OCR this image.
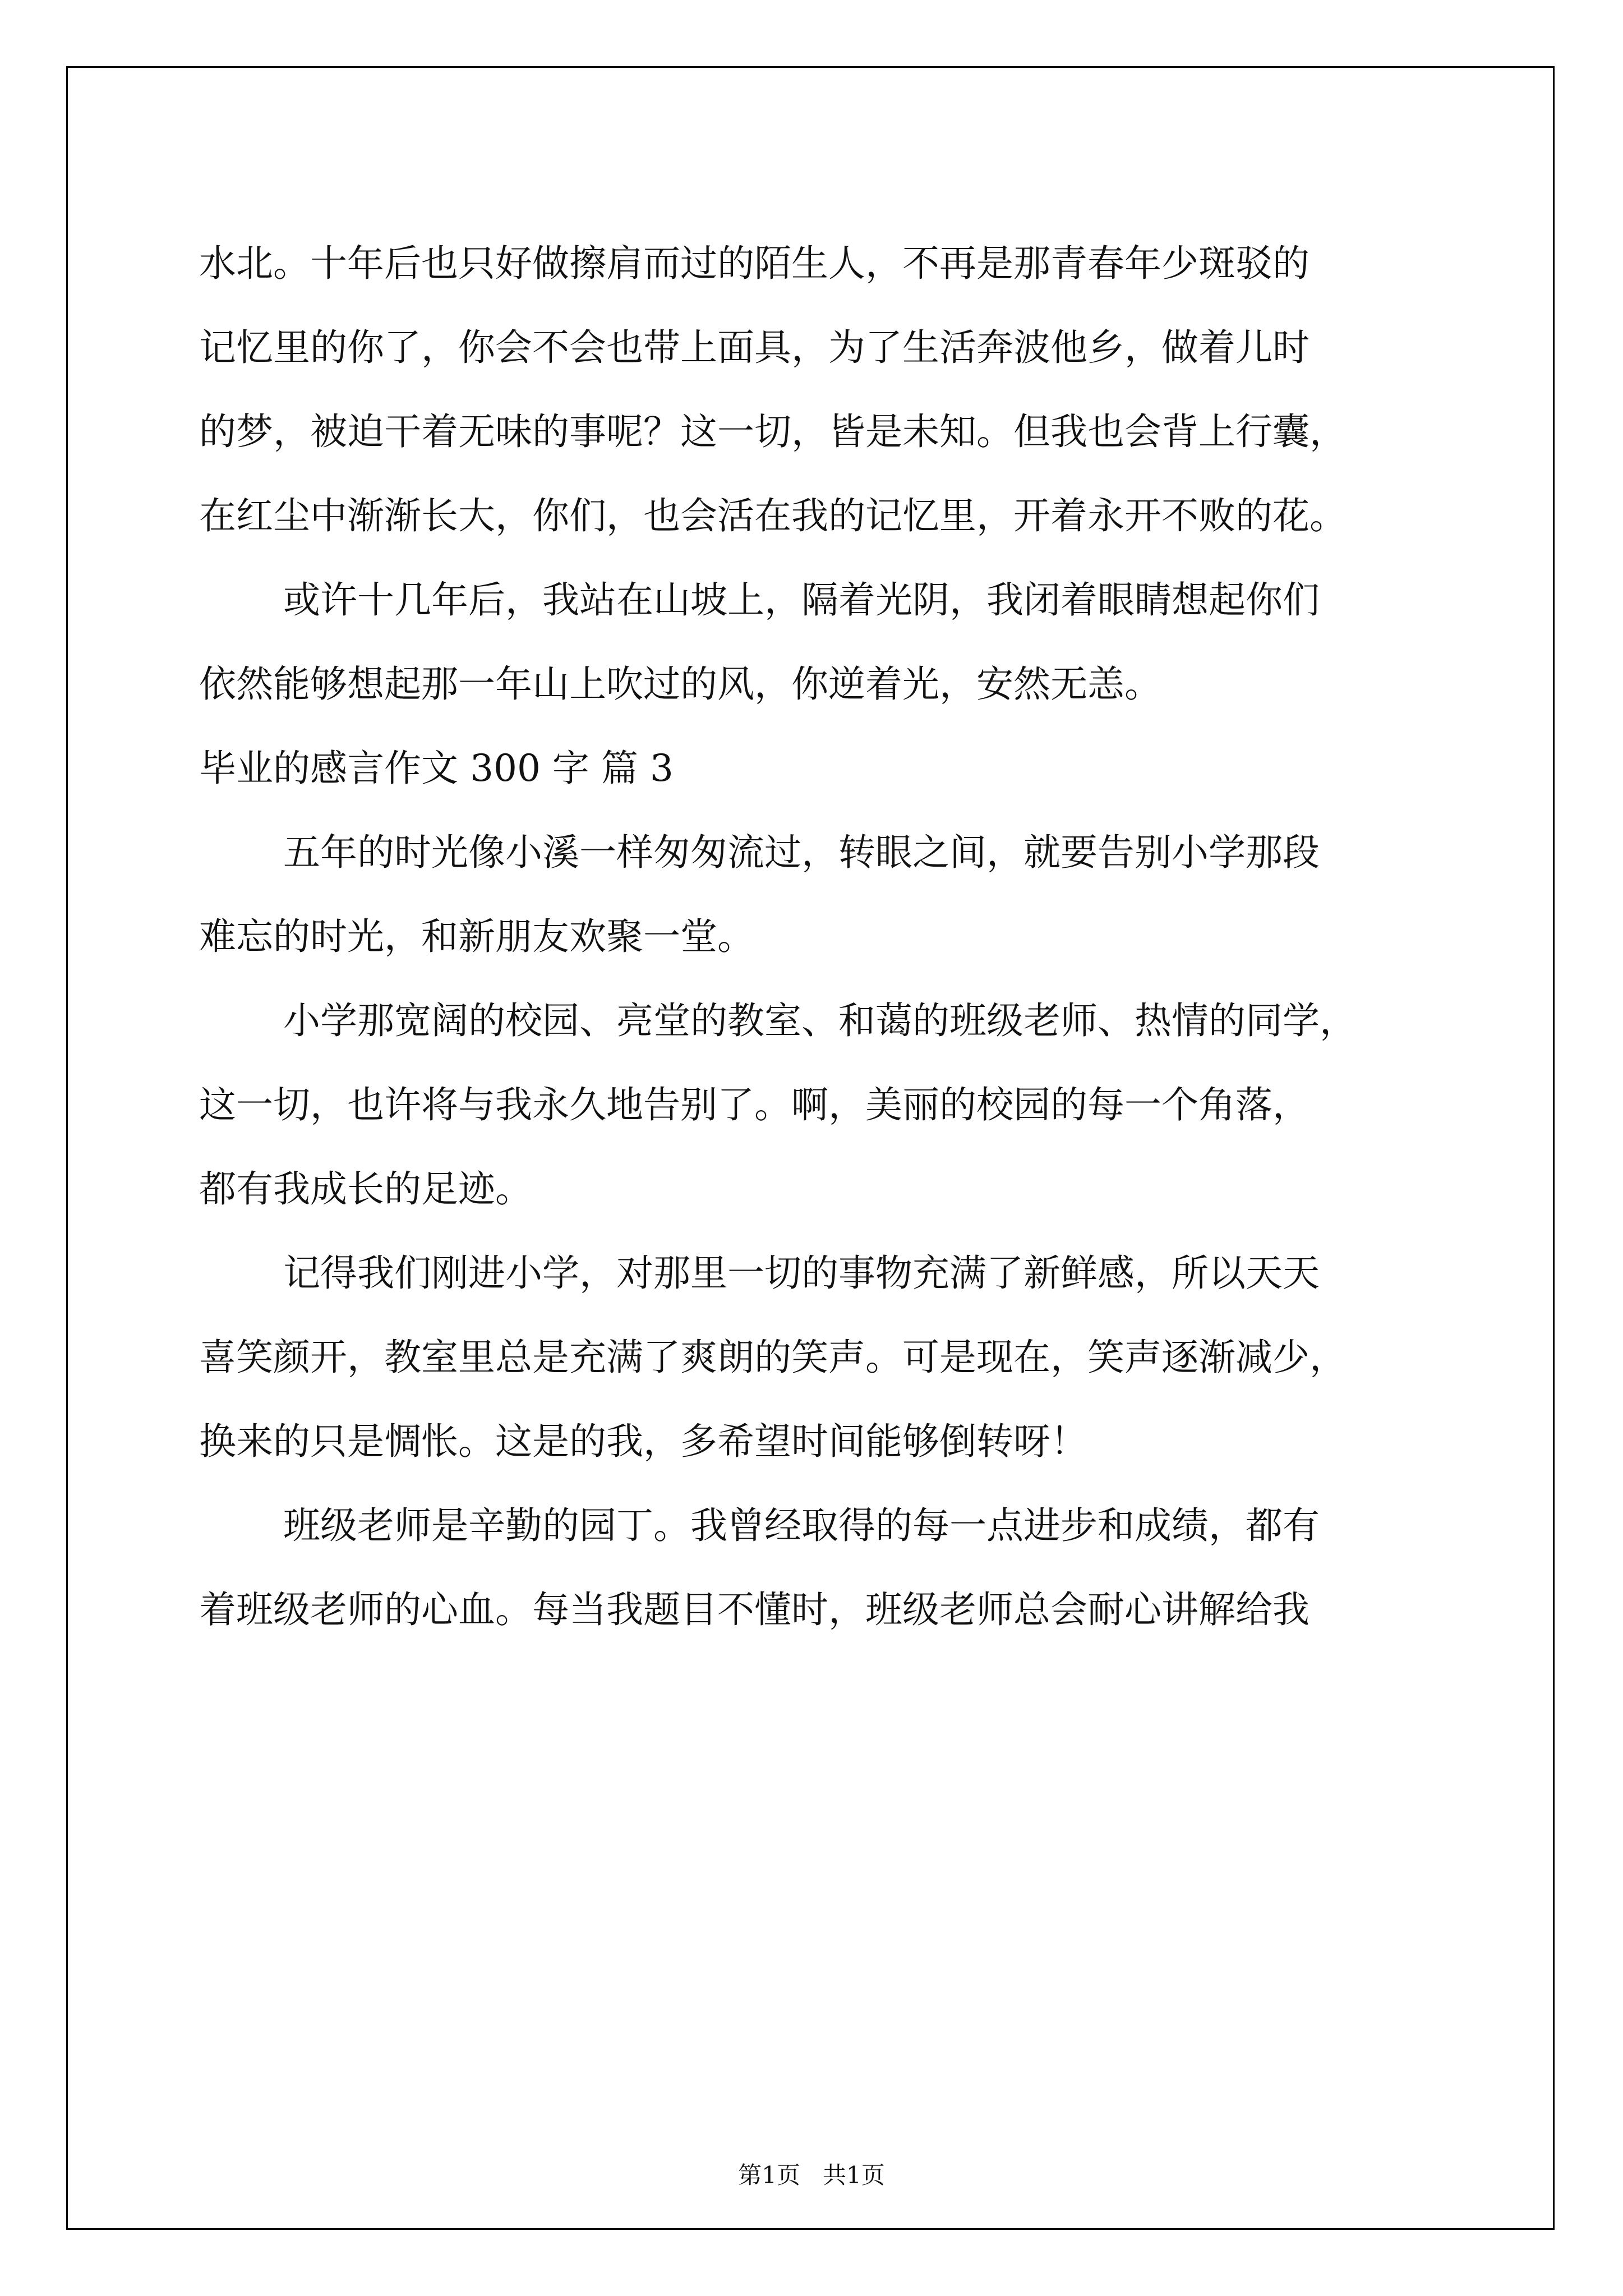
水北。十年后也只好做擦肩而过的陌生人，不再是那青春年少斑驳的
记忆里的你了，你会不会也带上面具，为了生活奔波他乡，做着儿时
的梦，被迫干着无味的事呢？这一切，皆是未知。但我也会背上行囊，
在红尘中渐渐长大，你们，也会活在我的记忆里，开着永开不败的花。
或许十几年后，我站在山坡上，隔着光阴，我闭着眼睛想起你们
依然能够想起那一年山上吹过的风，你逆着光，安然无恙。
毕业的感言作文 300 字 篇 3
五年的时光像小溪一样匆匆流过，转眼之间，就要告别小学那段
难忘的时光，和新朋友欢聚一堂。
小学那宽阔的校园、亮堂的教室、和蔼的班级老师、热情的同学，
这一切，也许将与我永久地告别了。啊，美丽的校园的每一个角落，
都有我成长的足迹。
记得我们刚进小学，对那里一切的事物充满了新鲜感，所以天天
喜笑颜开，教室里总是充满了爽朗的笑声。可是现在，笑声逐渐减少，
换来的只是惆怅。这是的我，多希望时间能够倒转呀！
班级老师是辛勤的园丁。我曾经取得的每一点进步和成绩，都有
着班级老师的心血。每当我题目不懂时，班级老师总会耐心讲解给我
第1页   共1页
